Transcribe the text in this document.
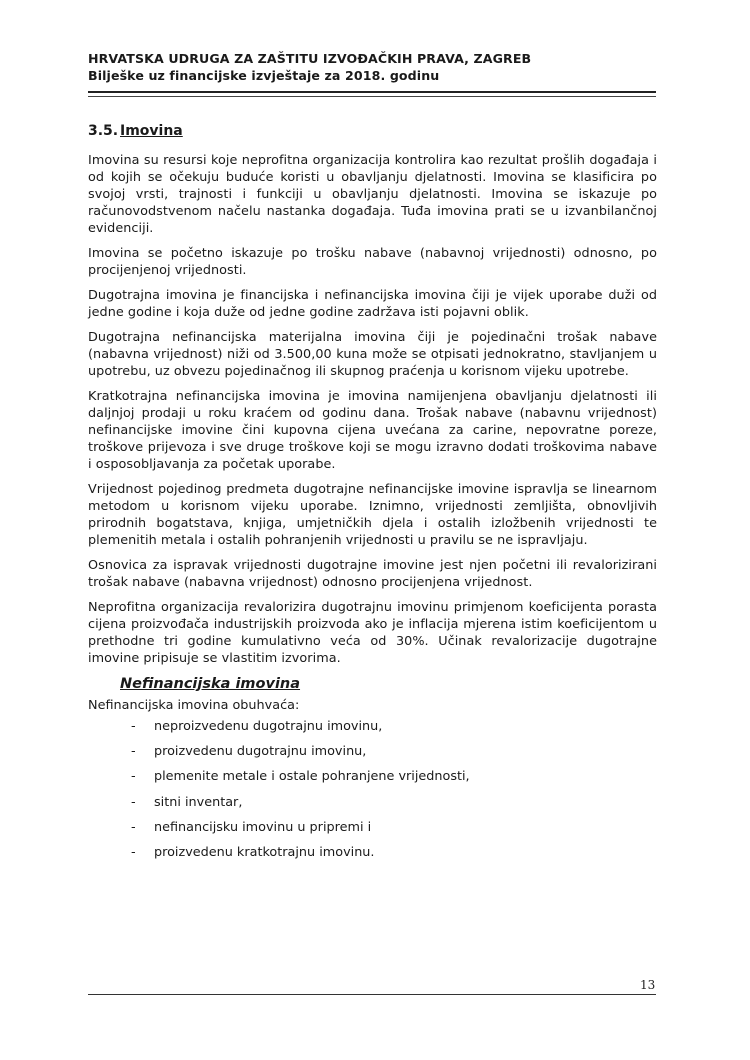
HRVATSKA UDRUGA ZA ZAŠTITU IZVOĐAČKIH PRAVA, ZAGREB
Bilješke uz financijske izvještaje za 2018. godinu
3.5. Imovina

Imovina su resursi koje neprofitna organizacija kontrolira kao rezultat prošlih događaja i od kojih se očekuju buduće koristi u obavljanju djelatnosti. Imovina se klasificira po svojoj vrsti, trajnosti i funkciji u obavljanju djelatnosti. Imovina se iskazuje po računovodstvenom načelu nastanka događaja. Tuđa imovina prati se u izvanbilančnoj evidenciji.

Imovina se početno iskazuje po trošku nabave (nabavnoj vrijednosti) odnosno, po procijenjenoj vrijednosti.

Dugotrajna imovina je financijska i nefinancijska imovina čiji je vijek uporabe duži od jedne godine i koja duže od jedne godine zadržava isti pojavni oblik.

Dugotrajna nefinancijska materijalna imovina čiji je pojedinačni trošak nabave (nabavna vrijednost) niži od 3.500,00 kuna može se otpisati jednokratno, stavljanjem u upotrebu, uz obvezu pojedinačnog ili skupnog praćenja u korisnom vijeku upotrebe.

Kratkotrajna nefinancijska imovina je imovina namijenjena obavljanju djelatnosti ili daljnjoj prodaji u roku kraćem od godinu dana. Trošak nabave (nabavnu vrijednost) nefinancijske imovine čini kupovna cijena uvećana za carine, nepovratne poreze, troškove prijevoza i sve druge troškove koji se mogu izravno dodati troškovima nabave i osposobljavanja za početak uporabe.

Vrijednost pojedinog predmeta dugotrajne nefinancijske imovine ispravlja se linearnom metodom u korisnom vijeku uporabe. Iznimno, vrijednosti zemljišta, obnovljivih prirodnih bogatstava, knjiga, umjetničkih djela i ostalih izložbenih vrijednosti te plemenitih metala i ostalih pohranjenih vrijednosti u pravilu se ne ispravljaju.

Osnovica za ispravak vrijednosti dugotrajne imovine jest njen početni ili revalorizirani trošak nabave (nabavna vrijednost) odnosno procijenjena vrijednost.

Neprofitna organizacija revalorizira dugotrajnu imovinu primjenom koeficijenta porasta cijena proizvođača industrijskih proizvoda ako je inflacija mjerena istim koeficijentom u prethodne tri godine kumulativno veća od 30%. Učinak revalorizacije dugotrajne imovine pripisuje se vlastitim izvorima.

Nefinancijska imovina
Nefinancijska imovina obuhvaća:
- neproizvedenu dugotrajnu imovinu,
- proizvedenu dugotrajnu imovinu,
- plemenite metale i ostale pohranjene vrijednosti,
- sitni inventar,
- nefinancijsku imovinu u pripremi i
- proizvedenu kratkotrajnu imovinu.
13
